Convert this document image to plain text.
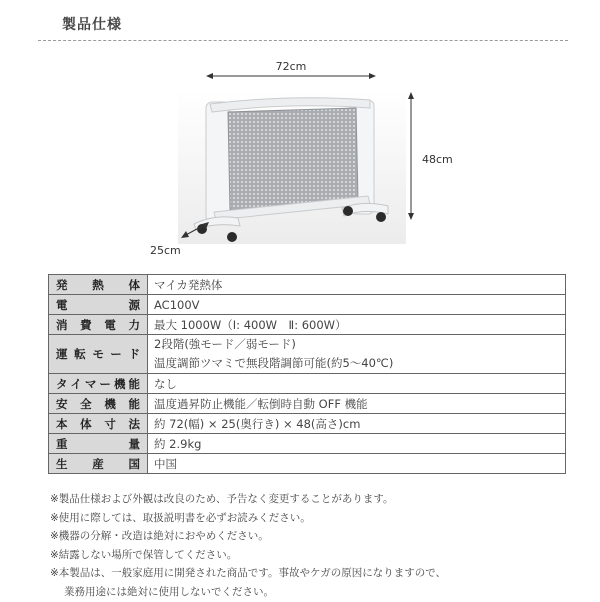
製品仕様
72cm
48cm
25cm
発熱体	マイカ発熱体
電源	AC100V
消費電力	最大 1000W（Ⅰ: 400W　Ⅱ: 600W）
運転モード	2段階(強モード／弱モード)
温度調節ツマミで無段階調節可能(約5〜40℃)

タイマー機能	なし
安全機能	温度過昇防止機能／転倒時自動 OFF 機能
本体寸法	約 72(幅) × 25(奥行き) × 48(高さ)cm
重量	約 2.9kg
生産国	中国
※製品仕様および外観は改良のため、予告なく変更することがあります。
※使用に際しては、取扱説明書を必ずお読みください。
※機器の分解・改造は絶対におやめください。
※結露しない場所で保管してください。
※本製品は、一般家庭用に開発された商品です。事故やケガの原因になりますので、
業務用途には絶対に使用しないでください。
